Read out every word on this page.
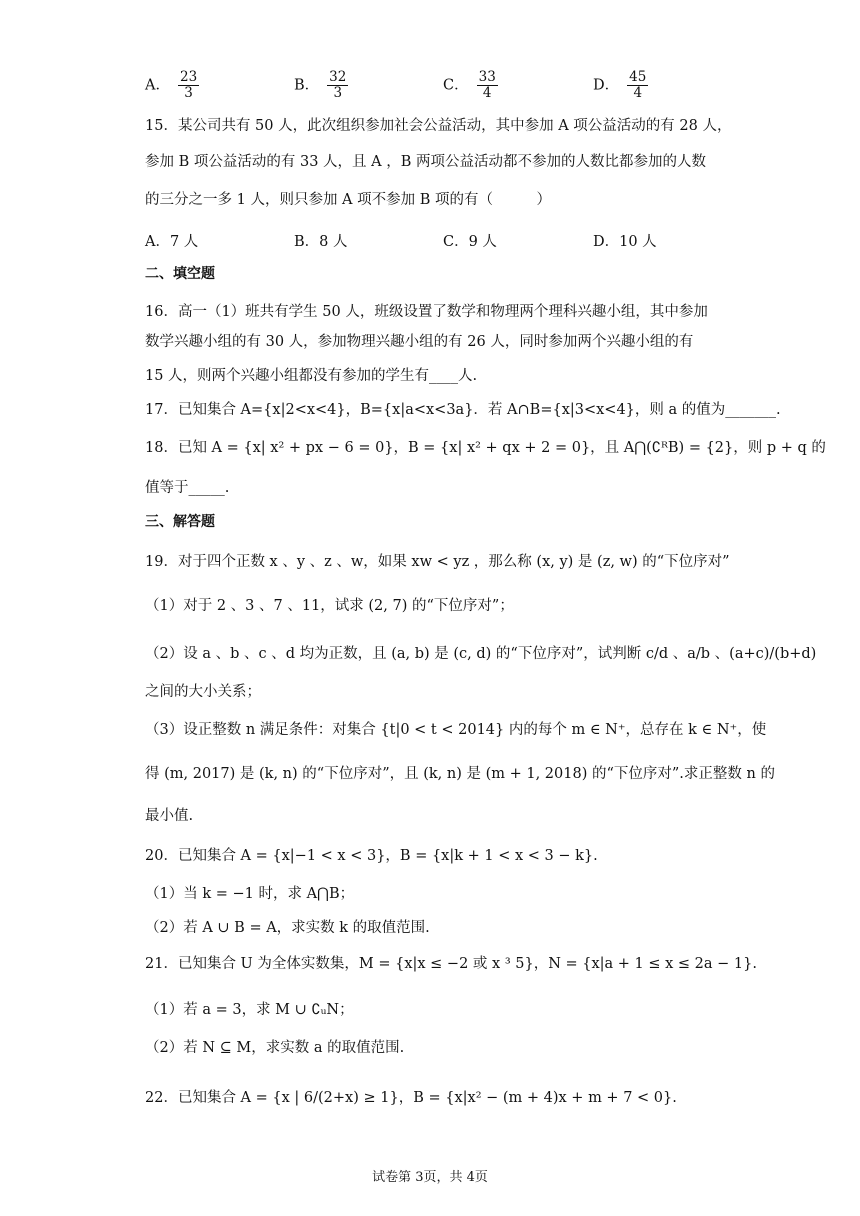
A． $\frac{23}{3}$	B． $\frac{32}{3}$	C． $\frac{33}{4}$	D． $\frac{45}{4}$
15．某公司共有 50 人，此次组织参加社会公益活动，其中参加 A 项公益活动的有 28 人，
参加 B 项公益活动的有 33 人，且 A ，B 两项公益活动都不参加的人数比都参加的人数
的三分之一多 1 人，则只参加 A 项不参加 B 项的有（　　　）
A．7 人	B．8 人	C．9 人	D．10 人
二、填空题
16．高一（1）班共有学生 50 人，班级设置了数学和物理两个理科兴趣小组，其中参加
数学兴趣小组的有 30 人，参加物理兴趣小组的有 26 人，同时参加两个兴趣小组的有
15 人，则两个兴趣小组都没有参加的学生有____人.
17．已知集合 A={x|2<x<4}，B={x|a<x<3a}．若 A∩B={x|3<x<4}，则 a 的值为_______.
18．已知 A = {x| x² + px − 6 = 0}，B = {x| x² + qx + 2 = 0}，且 A⋂(∁ᴿB) = {2}，则 p + q 的
值等于_____.
三、解答题
19．对于四个正数 x 、y 、z 、w，如果 xw < yz ，那么称 (x, y) 是 (z, w) 的“下位序对”
（1）对于 2 、3 、7 、11，试求 (2, 7) 的“下位序对”；
（2）设 a 、b 、c 、d 均为正数，且 (a, b) 是 (c, d) 的“下位序对”，试判断 c/d 、a/b 、(a+c)/(b+d)
之间的大小关系；
（3）设正整数 n 满足条件：对集合 {t|0 < t < 2014} 内的每个 m ∈ N⁺，总存在 k ∈ N⁺，使
得 (m, 2017) 是 (k, n) 的“下位序对”，且 (k, n) 是 (m + 1, 2018) 的“下位序对”.求正整数 n 的
最小值.
20．已知集合 A = {x|−1 < x < 3}，B = {x|k + 1 < x < 3 − k}.
（1）当 k = −1 时，求 A⋂B；
（2）若 A ∪ B = A，求实数 k 的取值范围.
21．已知集合 U 为全体实数集，M = {x|x ≤ −2 或 x ³ 5}，N = {x|a + 1 ≤ x ≤ 2a − 1}.
（1）若 a = 3，求 M ∪ ∁ᵤN；
（2）若 N ⊆ M，求实数 a 的取值范围.
22．已知集合 A = {x | 6/(2+x) ≥ 1}，B = {x|x² − (m + 4)x + m + 7 < 0}.
试卷第 3页，共 4页
